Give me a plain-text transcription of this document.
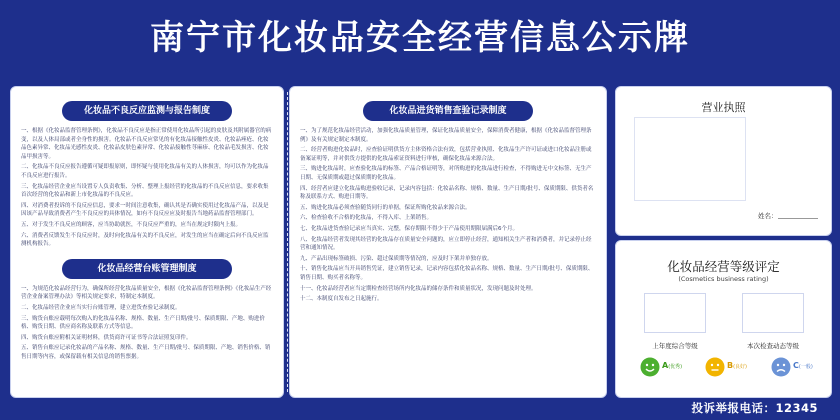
南宁市化妆品安全经营信息公示牌
化妆品不良反应监测与报告制度

一、根据《化妆品监督管理条例》，化妆品不良反应是指正常使用化妆品所引起的皮肤及其附属器官的病变，以及人体局部或者全身性的损害。化妆品不良反应常见的有化妆品接触性皮炎、化妆品痤疮、化妆品色素异常、化妆品光感性皮炎、化妆品皮肤色素异常、化妆品接触性荨麻疹、化妆品毛发损害、化妆品甲损害等。

二、化妆品不良反应报告遵循可疑即报原则，即怀疑与使用化妆品有关的人体损害，均可以作为化妆品不良反应进行报告。

三、化妆品经营企业应当设置专人负责收集、分析、整理上报经营的化妆品的不良反应信息，要求收集首次经营的化妆品和新上市化妆品的不良反应。

四、对消费者投诉的不良反应信息，要求一时间注意收集，确认其是否确实使用过化妆品产品，以及是因该产品导致消费者产生不良反应的具体情况，如有不良反应应及时报告当地药品监督管理部门。

五、对于发生不良反应的顾客，应当协助就医，不良反应严重的，应当在规定时限内上报。

六、消费者反馈发生不良反应时，及时向化妆品有关的不良反应，对发生的应当在确定后向不良反应监测机构报告。

化妆品经营台账管理制度

一、为规范化妆品经营行为，确保所经营化妆品质量安全，根据《化妆品监督管理条例》《化妆品生产经营企业备案管理办法》等相关规定要求，特制定本制度。

二、化妆品经营企业应当实行台账管理，建立进货查验记录制度。

三、购货台账应载明每次购入的化妆品名称、规格、数量、生产日期/批号、保质期限、产地、购进价格、购货日期、供应商名称及联系方式等信息。

四、购货台账应附相关证明材料，供货商许可证书等合法证照复印件。

五、销售台账应记录化妆品的产品名称、规格、数量、生产日期/批号、保质期限、产地、销售价格、销售日期等内容，或保留载有相关信息的销售票据。

化妆品进货销售查验记录制度

一、为了规范化妆品经营活动，加强化妆品质量管理，保证化妆品质量安全，保障消费者健康，根据《化妆品监督管理条例》及有关规定制定本制度。

二、经营者购进化妆品时，应查验证明供货方主体资格合法有效，包括营业执照、化妆品生产许可证或进口化妆品注册或备案证明等，并对供货方提供的化妆品索证资料进行审核，确保化妆品来源合法。

三、购进化妆品时，应查验化妆品的标签、产品合格证明等，对所购进的化妆品进行检查，不得购进无中文标签、无生产日期、无保质期或超过保质期的化妆品。

四、经营者应建立化妆品购进验收记录，记录内容包括：化妆品名称、规格、数量、生产日期/批号、保质期限、供货者名称及联系方式、购进日期等。

五、购进化妆品必须查验随货同行的单据，保证所购化妆品来源合法。

六、检查验收不合格的化妆品，不得入库、上架销售。

七、化妆品进货查验记录应当真实、完整，保存期限不得少于产品使用期限届满后6个月。

八、化妆品经营者发现其经营的化妆品存在质量安全问题的，应立即停止经营，通知相关生产者和消费者，并记录停止经营和通知情况。

九、产品出现标签破损、污染、超过保质期等情况的，应及时下架并单独存放。

十、销售化妆品应当开具销售凭证，建立销售记录，记录内容包括化妆品名称、规格、数量、生产日期/批号、保质期限、销售日期、购买者名称等。

十一、化妆品经营者应当定期检查经营场所内化妆品的储存条件和质量状况，发现问题及时处理。

十二、本制度自发布之日起施行。

营业执照
姓名：
化妆品经营等级评定
(Cosmetics business rating)
上年度综合等级	本次检查动态等级
A(优秀)	B(良好)	C(一般)
投诉举报电话：12345
